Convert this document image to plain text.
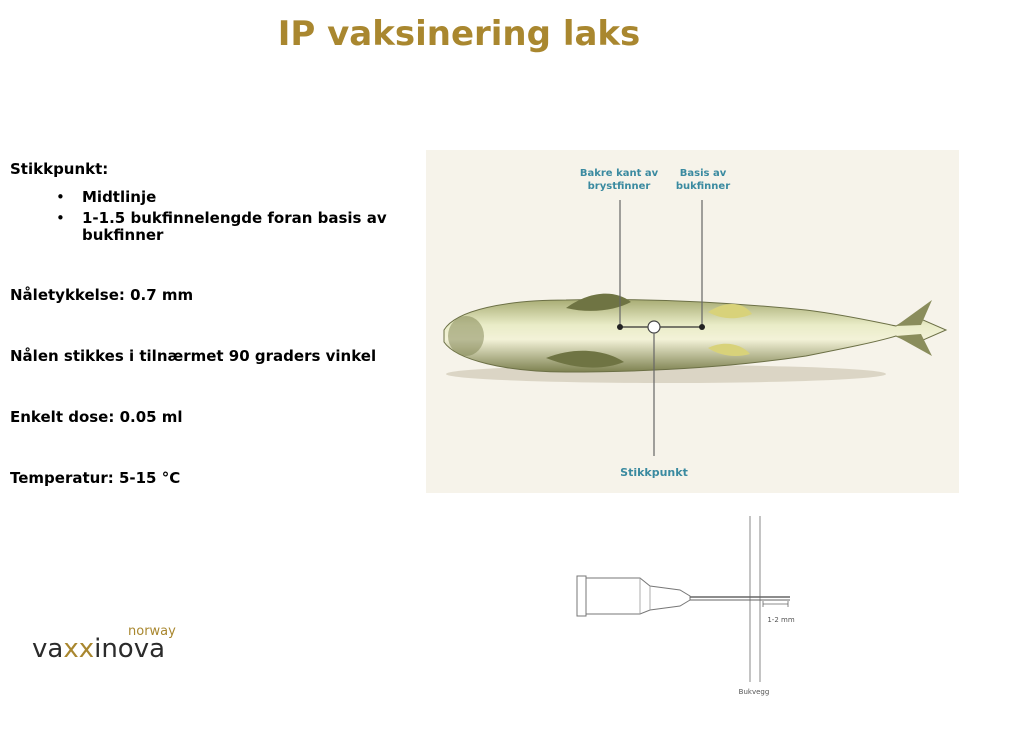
IP vaksinering laks
Stikkpunkt:
• Midtlinje
• 1-1.5 bukfinnelengde foran basis av bukfinner
Nåletykkelse: 0.7 mm
Nålen stikkes i tilnærmet 90 graders vinkel
Enkelt dose: 0.05 ml
Temperatur: 5-15 °C
Bakre kant av
brystfinner
Basis av
bukfinner
Stikkpunkt
1-2 mm
Bukvegg
norway
vaxxinova
